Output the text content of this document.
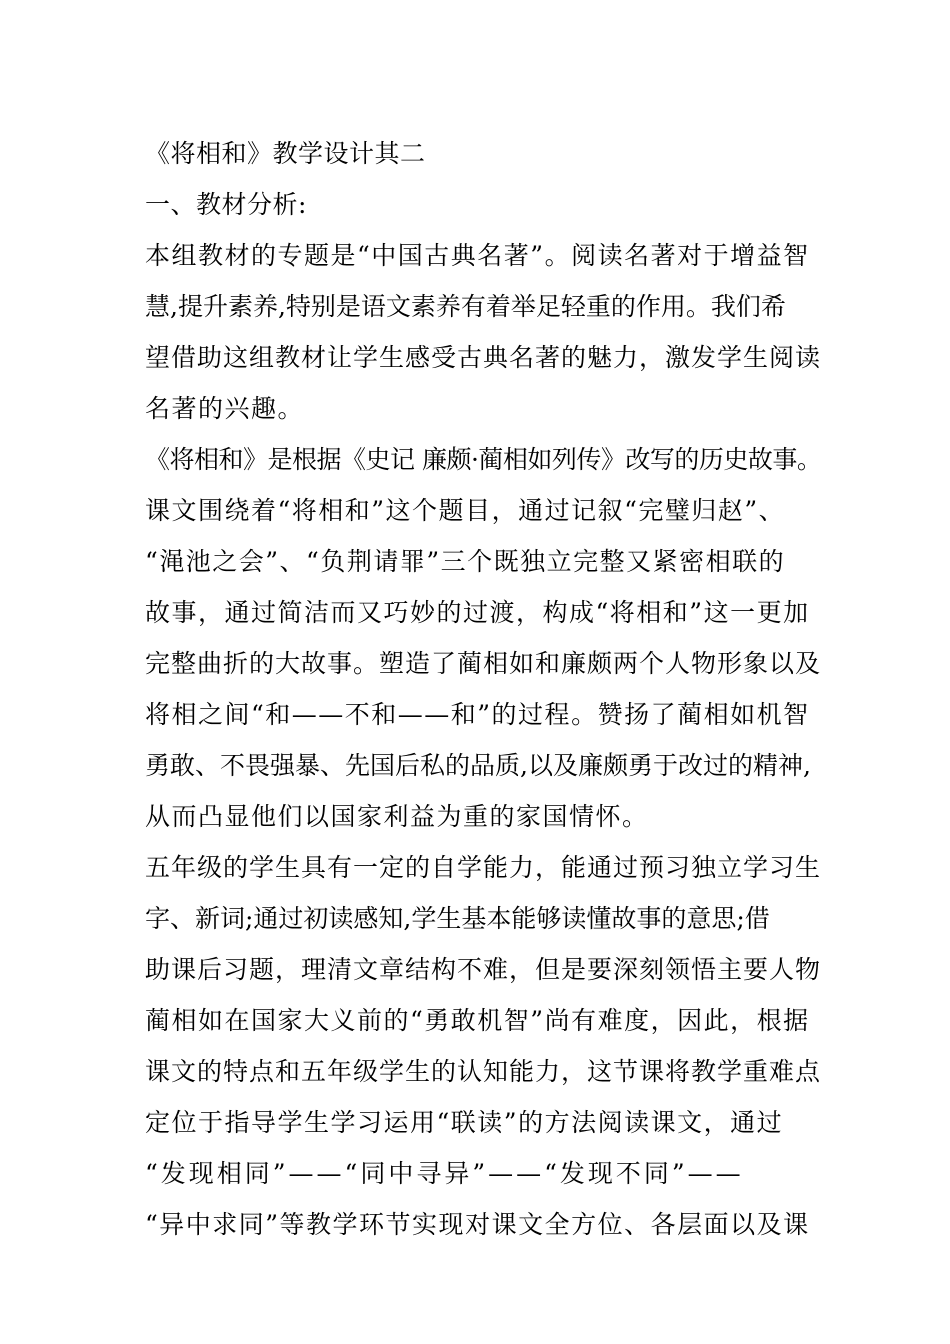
《将相和》教学设计其二
一、教材分析:
本组教材的专题是“中国古典名著”。阅读名著对于增益智
慧,提升素养,特别是语文素养有着举足轻重的作用。我们希
望借助这组教材让学生感受古典名著的魅力，激发学生阅读
名著的兴趣。
《将相和》是根据《史记 廉颇·蔺相如列传》改写的历史故事。
课文围绕着“将相和”这个题目，通过记叙“完璧归赵”、
“渑池之会”、“负荆请罪”三个既独立完整又紧密相联的
故事，通过简洁而又巧妙的过渡，构成“将相和”这一更加
完整曲折的大故事。塑造了蔺相如和廉颇两个人物形象以及
将相之间“和——不和——和”的过程。赞扬了蔺相如机智
勇敢、不畏强暴、先国后私的品质,以及廉颇勇于改过的精神,
从而凸显他们以国家利益为重的家国情怀。
五年级的学生具有一定的自学能力，能通过预习独立学习生
字、新词;通过初读感知,学生基本能够读懂故事的意思;借
助课后习题，理清文章结构不难，但是要深刻领悟主要人物
蔺相如在国家大义前的“勇敢机智”尚有难度，因此，根据
课文的特点和五年级学生的认知能力，这节课将教学重难点
定位于指导学生学习运用“联读”的方法阅读课文，通过
“发现相同”——“同中寻异”——“发现不同”——
“异中求同”等教学环节实现对课文全方位、各层面以及课
